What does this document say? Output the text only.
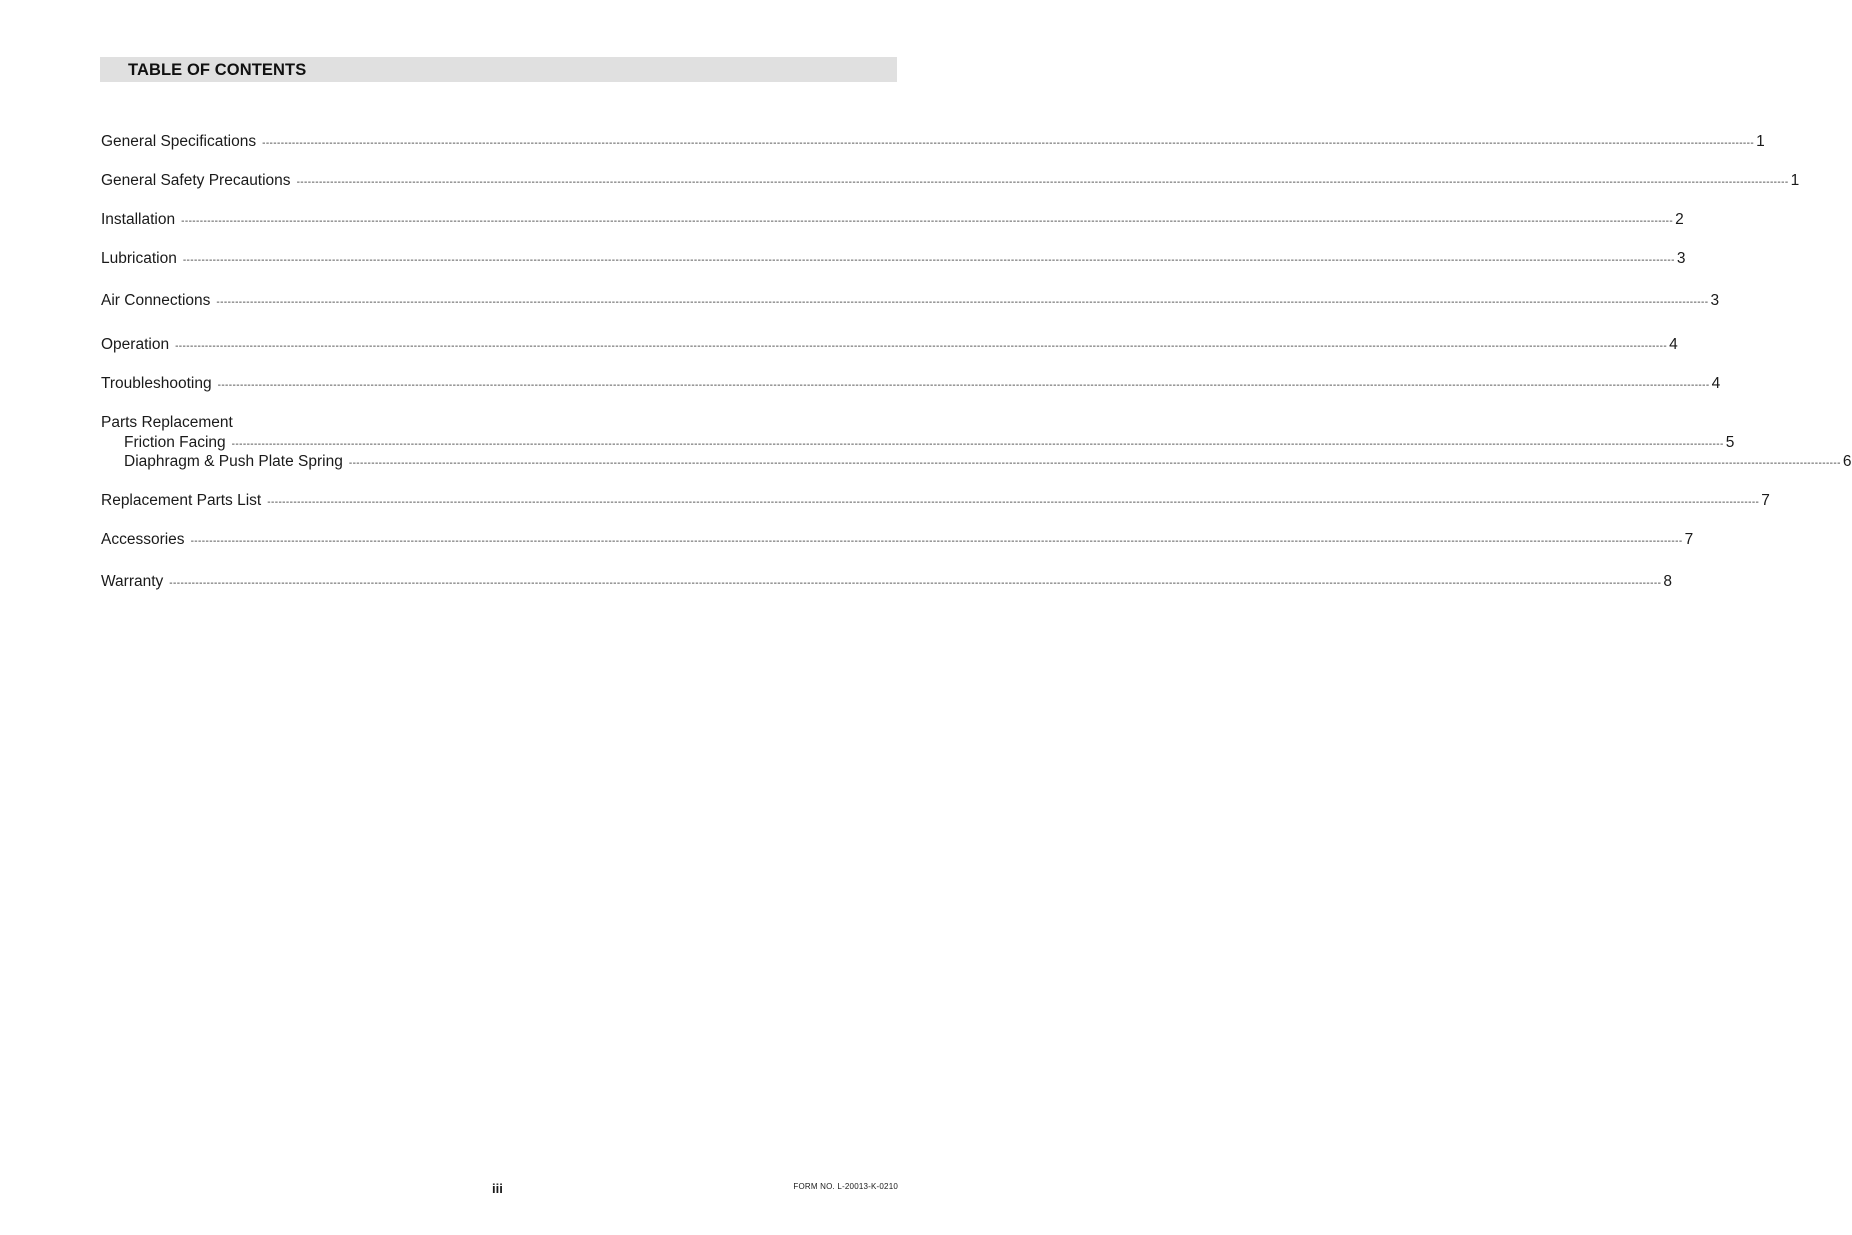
TABLE OF CONTENTS
General Specifications ---------------------------------------------------------------------------------------------------------------------------------------------------------------------------------------------------------------------------------------------------------------------------------------------------------------------------------------------------------------------------------------------------------------- 1
General Safety Precautions ---------------------------------------------------------------------------------------------------------------------------------------------------------------------------------------------------------------------------------------------------------------------------------------------------------------------------------------------------------------------------------------------------------------- 1
Installation ---------------------------------------------------------------------------------------------------------------------------------------------------------------------------------------------------------------------------------------------------------------------------------------------------------------------------------------------------------------------------------------------------------------- 2
Lubrication ---------------------------------------------------------------------------------------------------------------------------------------------------------------------------------------------------------------------------------------------------------------------------------------------------------------------------------------------------------------------------------------------------------------- 3
Air Connections ---------------------------------------------------------------------------------------------------------------------------------------------------------------------------------------------------------------------------------------------------------------------------------------------------------------------------------------------------------------------------------------------------------------- 3
Operation ---------------------------------------------------------------------------------------------------------------------------------------------------------------------------------------------------------------------------------------------------------------------------------------------------------------------------------------------------------------------------------------------------------------- 4
Troubleshooting ---------------------------------------------------------------------------------------------------------------------------------------------------------------------------------------------------------------------------------------------------------------------------------------------------------------------------------------------------------------------------------------------------------------- 4
Parts Replacement
Friction Facing ---------------------------------------------------------------------------------------------------------------------------------------------------------------------------------------------------------------------------------------------------------------------------------------------------------------------------------------------------------------------------------------------------------------- 5
Diaphragm & Push Plate Spring ---------------------------------------------------------------------------------------------------------------------------------------------------------------------------------------------------------------------------------------------------------------------------------------------------------------------------------------------------------------------------------------------------------------- 6
Replacement Parts List ---------------------------------------------------------------------------------------------------------------------------------------------------------------------------------------------------------------------------------------------------------------------------------------------------------------------------------------------------------------------------------------------------------------- 7
Accessories ---------------------------------------------------------------------------------------------------------------------------------------------------------------------------------------------------------------------------------------------------------------------------------------------------------------------------------------------------------------------------------------------------------------- 7
Warranty ---------------------------------------------------------------------------------------------------------------------------------------------------------------------------------------------------------------------------------------------------------------------------------------------------------------------------------------------------------------------------------------------------------------- 8
iii	FORM NO. L-20013-K-0210
